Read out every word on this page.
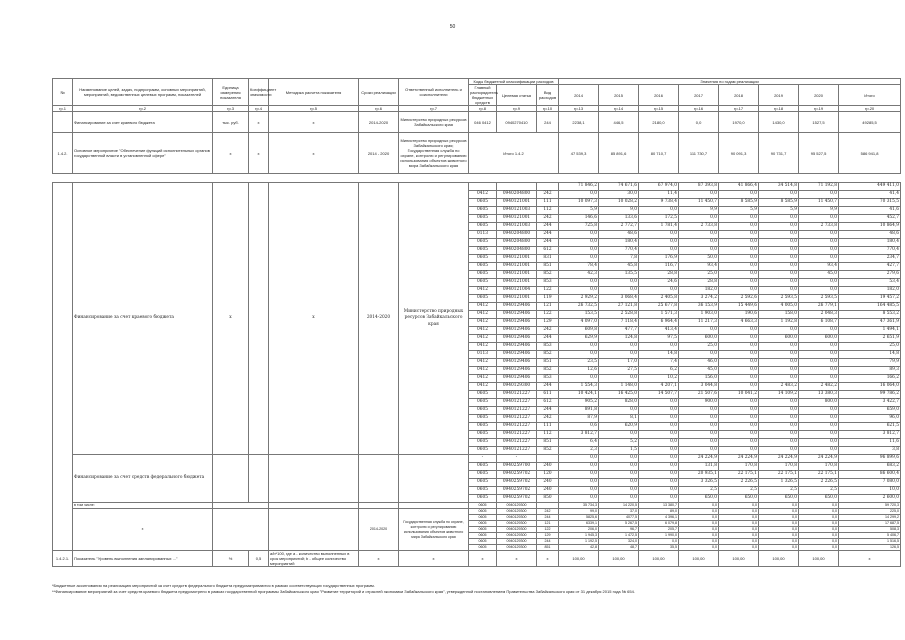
50
№	Наименование целей, задач, подпрограмм, основных мероприятий, мероприятий, ведомственных целевых программ, показателей	Единица измерения показателя	Коэффициент значимости	Методика расчета показателя	Сроки реализации	Ответственный исполнитель и соисполнители	Коды бюджетной классификации расходов			Значения по годам реализации							
							Главный распорядитель бюджетных средств	Целевая статья	Вид расходов	2014	2015	2016	2017	2018	2019	2020	Итого
гр.1	гр.2	гр.3	гр.4	гр.5	гр.6	гр.7	гр.8	гр.9	гр.10	гр.13	гр.14	гр.15	гр.16	гр.17	гр.18	гр.19	гр.20
	Финансирование за счет краевого бюджета	тыс. руб.	х	х	2014-2020	Министерство природных ресурсов Забайкальского края	046 0412	0940270410	244	2238,1	446,5	2180,0	0,0	1970,0	1430,0	1527,5	49285,5
1.4.2.	Основное мероприятие "Обеспечение функций исполнительных органов государственной власти в установленной сфере"	х	х	х	2014 - 2020	Министерство природных ресурсов Забайкальского края; Государственная служба по охране, контролю и регулированию использования объектов животного мира Забайкальского края	Итого 1.4.2			47 539,3	85 891,6	80 710,7	111 730,7	90 091,3	90 731,7	95 527,5	586 941,8
	Финансирование за счет краевого бюджета	х		х	2014-2020	Министерство природных ресурсов Забайкальского края				71 846,2	74 671,6	67 974,0	87 393,8	41 866,4	34 514,8	71 192,8	449 411,0
							0412	0940204800	242	0,0	30,0	11,4	0,0	0,0	0,0	0,0	41,4
							0605	0940121001	111	10 097,3	10 028,2	9 738,4	11 450,7	8 585,9	8 585,9	11 450,7	70 315,5
							0605	0940121003	112	5,9	9,0	0,0	9,9	5,9	5,9	9,9	41,6
							0605	0940121001	242	146,6	133,6	172,5	0,0	0,0	0,0	0,0	452,7
							0605	0940121003	244	725,8	2 772,7	1 781,4	2 733,8	0,0	0,0	2 733,8	10 864,9
							0113	0940204800	244	0,0	48,6	0,0	0,0	0,0	0,0	0,0	48,6
							0605	0940204800	244	0,0	180,4	0,0	0,0	0,0	0,0	0,0	180,4
							0605	0940204800	612	0,0	770,4	0,0	0,0	0,0	0,0	0,0	770,4
							0605	0940121001	831	0,0	7,8	176,9	50,0	0,0	0,0	0,0	234,7
							0605	0940121001	851	78,4	45,8	116,7	93,4	0,0	0,0	93,4	427,7
							0605	0940121001	852	42,3	135,5	28,8	25,0	0,0	0,0	45,0	279,6
							0605	0940121001	853	0,0	0,0	24,6	28,8	0,0	0,0	0,0	53,4
							0412	0940121004	122	0,0	0,0	0,0	182,0	0,0	0,0	0,0	182,0
							0605	0940121001	119	2 929,2	3 068,4	2 405,8	3 274,2	2 592,6	2 593,5	2 593,5	19 457,2
							0412	0940129406	121	26 732,5	27 121,8	25 677,8	36 153,9	15 449,6	4 005,0	26 779,1	164 485,5
							0412	0940129406	122	153,5	2 528,8	1 571,3	1 903,0	190,6	158,0	2 048,3	8 553,2
							0412	0940129406	129	4 097,0	7 118,4	6 964,4	11 217,3	4 663,3	1 192,8	6 108,7	47 361,9
							0412	0940129406	242	609,8	477,7	413,4	0,0	0,0	0,0	0,0	1 494,1
							0412	0940129406	244	629,9	124,8	97,5	600,0	0,0	600,0	600,0	2 651,9
							0412	0940129406	853	0,0	0,0	0,0	25,0	0,0	0,0	0,0	25,0
							0113	0940129406	852	0,0	0,0	14,8	0,0	0,0	0,0	0,0	14,8
							0412	0940129406	851	23,5	17,0	7,4	46,0	0,0	0,0	0,0	79,9
							0412	0940129406	852	12,6	27,5	6,2	45,0	0,0	0,0	0,0	89,3
							0412	0940129406	853	0,0	0,0	10,2	156,0	0,0	0,0	0,0	166,2
							0412	0940129300	244	1 554,3	1 148,0	4 207,1	3 044,8	0,0	2 483,2	2 482,2	16 064,0
							0605	0940121227	611	10 424,1	16 425,0	14 507,7	21 507,6	10 041,2	14 109,2	13 380,3	99 786,2
							0605	0940121227	612	905,2	828,0	0,0	900,0	0,0	0,0	800,0	3 422,7
							0605	0940121227	244	891,8	0,0	0,0	0,0	0,0	0,0	0,0	659,0
							0605	0940121227	242	87,9	8,1	0,0	0,0	0,0	0,0	0,0	96,0
							0605	0940121227	111	0,6	620,9	0,0	0,0	0,0	0,0	0,0	621,5
							0605	0940121227	112	3 812,7	0,0	0,0	0,0	0,0	0,0	0,0	3 812,7
							0605	0940121227	851	6,4	5,2	0,0	0,0	0,0	0,0	0,0	11,6
							0605	0940121227	852	2,3	1,5	0,0	0,0	0,0	0,0	0,0	3,8
	Финансирование за счет средств федерального бюджета						-	-		0,0	0,0	0,0	24 224,9	24 224,9	24 224,9	24 224,9	96 899,6
							0605	0940259700	240	0,0	0,0	0,0	131,8	170,8	170,8	170,8	683,2
							0605	0940259702	120	0,0	0,0	0,0	20 935,1	22 175,1	22 175,1	22 175,1	86 600,4
							0605	0940259702	240	0,0	0,0	0,0	3 326,5	2 226,5	1 326,5	2 226,5	7 080,0
							0605	0940259702	240	0,0	0,0	0,0	2,5	2,5	2,5	2,5	10,0
							0605	0940259702	850	0,0	0,0	0,0	650,0	650,0	650,0	650,0	2 600,0
	в том числе:						0605	0940129300		35 734,3	14 220,5	13 380,7	0,0	0,0	0,0	0,0	59 720,3
	х				2014-2020	Государственная служба по охране, контролю и регулированию использования объектов животного мира Забайкальского края	0605	0940129300	242	99,0	37,0	89,0	0,0	0,0	0,0	0,0	225,0
							0605	0940129300	244	5825,6	4077,5	4 396,1	0,0	0,0	0,0	0,0	14 299,2
							0605	0940129300	121	6339,1	5 267,5	6 079,8	0,0	0,0	0,0	0,0	17 687,5
							0605	0940129300	122	206,0	96,7	205,7	0,0	0,0	0,0	0,0	508,3
							0605	0940129300	129	1 945,3	1 472,5	1 990,0	0,0	0,0	0,0	0,0	5 406,7
							0605	0940129300	244	1 192,5	324,0	0,0	0,0	0,0	0,0	0,0	1 516,5
							0605	0940129300	851	42,8	48,7	35,5	0,0	0,0	0,0	0,0	126,5
1.4.2.1.	Показатель "Уровень выполнения запланированных ..."	%	0,5	a/b*100, где a - количество выполненных в срок мероприятий; b - общее количество мероприятий	х	х	х	х	х	100,00	100,00	100,00	100,00	100,00	100,00	100,00	х
*Бюджетные ассигнования на реализацию мероприятий за счет средств федерального бюджета предусматриваются в рамках соответствующих государственных программ.
**Финансирование мероприятий за счет средств краевого бюджета предусмотрено в рамках государственной программы Забайкальского края "Развитие территорий и отраслей экономики Забайкальского края", утвержденной постановлением Правительства Забайкальского края от 31 декабря 2015 года № 654.
